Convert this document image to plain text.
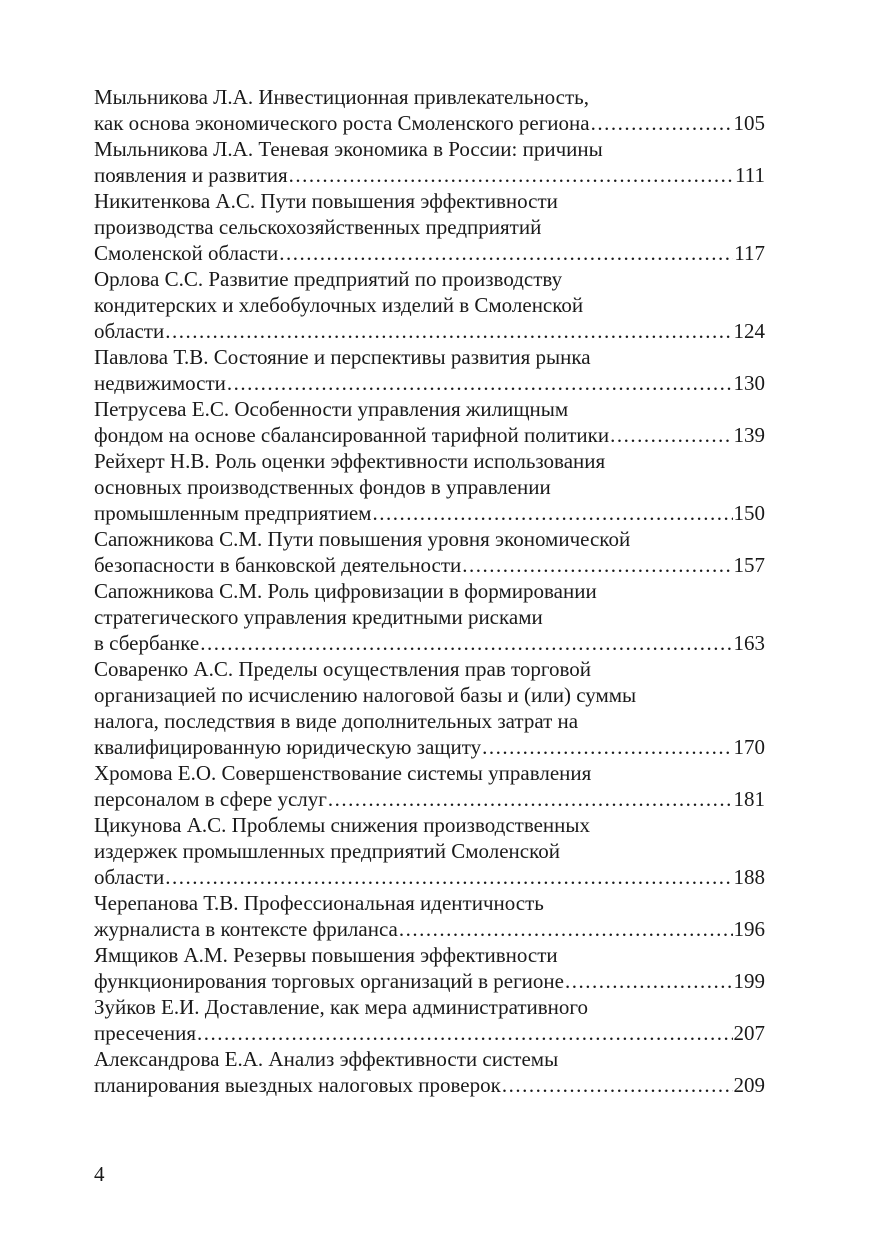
Мыльникова Л.А. Инвестиционная привлекательность,
как основа экономического роста Смоленского региона .....	105
Мыльникова Л.А. Теневая экономика в России: причины
появления и развития .....	111
Никитенкова А.С. Пути повышения эффективности
производства сельскохозяйственных предприятий
Смоленской области .....	117
Орлова С.С. Развитие предприятий по производству
кондитерских и хлебобулочных изделий в Смоленской
области .....	124
Павлова Т.В. Состояние и перспективы развития рынка
недвижимости .....	130
Петрусева Е.С. Особенности управления жилищным
фондом на основе сбалансированной тарифной политики .....	139
Рейхерт Н.В. Роль оценки эффективности использования
основных производственных фондов в управлении
промышленным предприятием .....	150
Сапожникова С.М. Пути повышения уровня экономической
безопасности в банковской деятельности .....	157
Сапожникова С.М. Роль цифровизации в формировании
стратегического управления кредитными рисками
в сбербанке .....	163
Соваренко А.С. Пределы осуществления прав торговой
организацией по исчислению налоговой базы и (или) суммы
налога, последствия в виде дополнительных затрат на
квалифицированную юридическую защиту .....	170
Хромова Е.О. Совершенствование системы управления
персоналом в сфере услуг .....	181
Цикунова А.С. Проблемы снижения производственных
издержек промышленных предприятий Смоленской
области .....	188
Черепанова Т.В. Профессиональная идентичность
журналиста в контексте фриланса .....	196
Ямщиков А.М. Резервы повышения эффективности
функционирования торговых организаций в регионе .....	199
Зуйков Е.И. Доставление, как мера административного
пресечения .....	207
Александрова Е.А. Анализ эффективности системы
планирования выездных налоговых проверок .....	209
4
